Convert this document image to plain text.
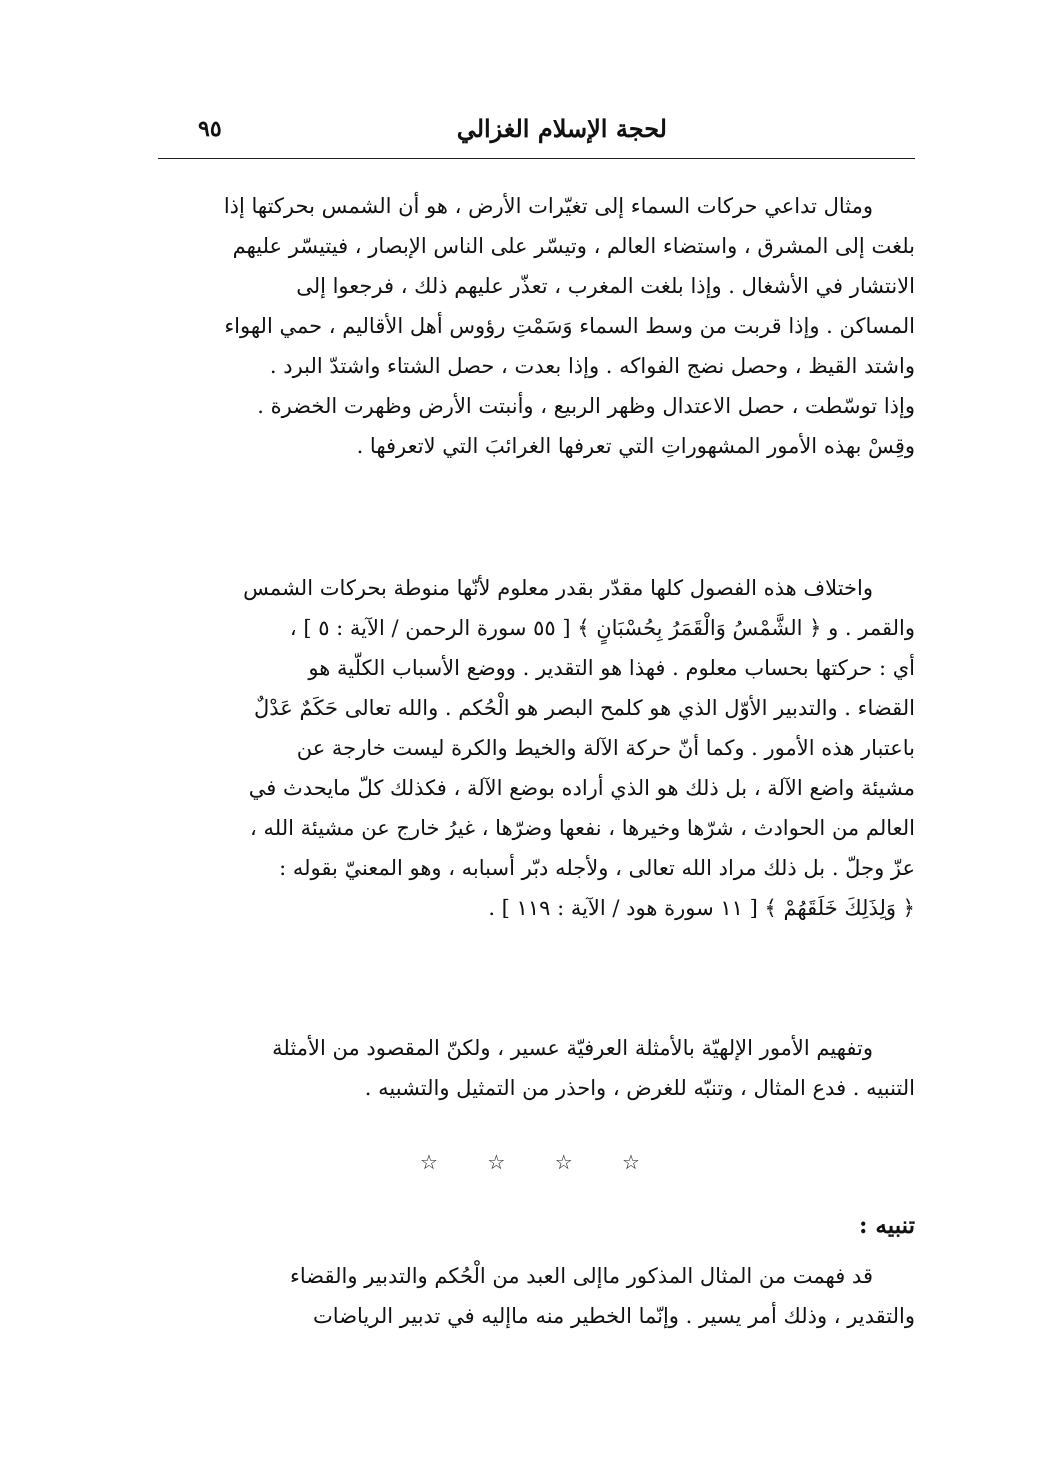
لحجة الإسلام الغزالي
٩٥
ومثال تداعي حركات السماء إلى تغيّرات الأرض ، هو أن الشمس بحركتها إذا
بلغت إلى المشرق ، واستضاء العالم ، وتيسّر على الناس الإبصار ، فيتيسّر عليهم
الانتشار في الأشغال . وإذا بلغت المغرب ، تعذّر عليهم ذلك ، فرجعوا إلى
المساكن . وإذا قربت من وسط السماء وَسَمْتِ رؤوس أهل الأقاليم ، حمي الهواء
واشتد القيظ ، وحصل نضج الفواكه . وإذا بعدت ، حصل الشتاء واشتدّ البرد .
وإذا توسّطت ، حصل الاعتدال وظهر الربيع ، وأنبتت الأرض وظهرت الخضرة .
وقِسْ بهذه الأمور المشهوراتِ التي تعرفها الغرائبَ التي لاتعرفها .
واختلاف هذه الفصول كلها مقدّر بقدر معلوم لأنّها منوطة بحركات الشمس
والقمر . و ﴿ الشَّمْسُ وَالْقَمَرُ بِحُسْبَانٍ ﴾ [ ٥٥ سورة الرحمن / الآية : ٥ ] ،
أي : حركتها بحساب معلوم . فهذا هو التقدير . ووضع الأسباب الكلّية هو
القضاء . والتدبير الأوّل الذي هو كلمح البصر هو الْحُكم . والله تعالى حَكَمٌ عَدْلٌ
باعتبار هذه الأمور . وكما أنّ حركة الآلة والخيط والكرة ليست خارجة عن
مشيئة واضع الآلة ، بل ذلك هو الذي أراده بوضع الآلة ، فكذلك كلّ مايحدث في
العالم من الحوادث ، شرّها وخيرها ، نفعها وضرّها ، غيرُ خارج عن مشيئة الله ،
عزّ وجلّ . بل ذلك مراد الله تعالى ، ولأجله دبّر أسبابه ، وهو المعنيّ بقوله :
﴿ وَلِذَلِكَ خَلَقَهُمْ ﴾ [ ١١ سورة هود / الآية : ١١٩ ] .
وتفهيم الأمور الإلهيّة بالأمثلة العرفيّة عسير ، ولكنّ المقصود من الأمثلة
التنبيه . فدع المثال ، وتنبّه للغرض ، واحذر من التمثيل والتشبيه .
☆ ☆ ☆ ☆
تنبيه :
قد فهمت من المثال المذكور ماإلى العبد من الْحُكم والتدبير والقضاء
والتقدير ، وذلك أمر يسير . وإنّما الخطير منه ماإليه في تدبير الرياضات
